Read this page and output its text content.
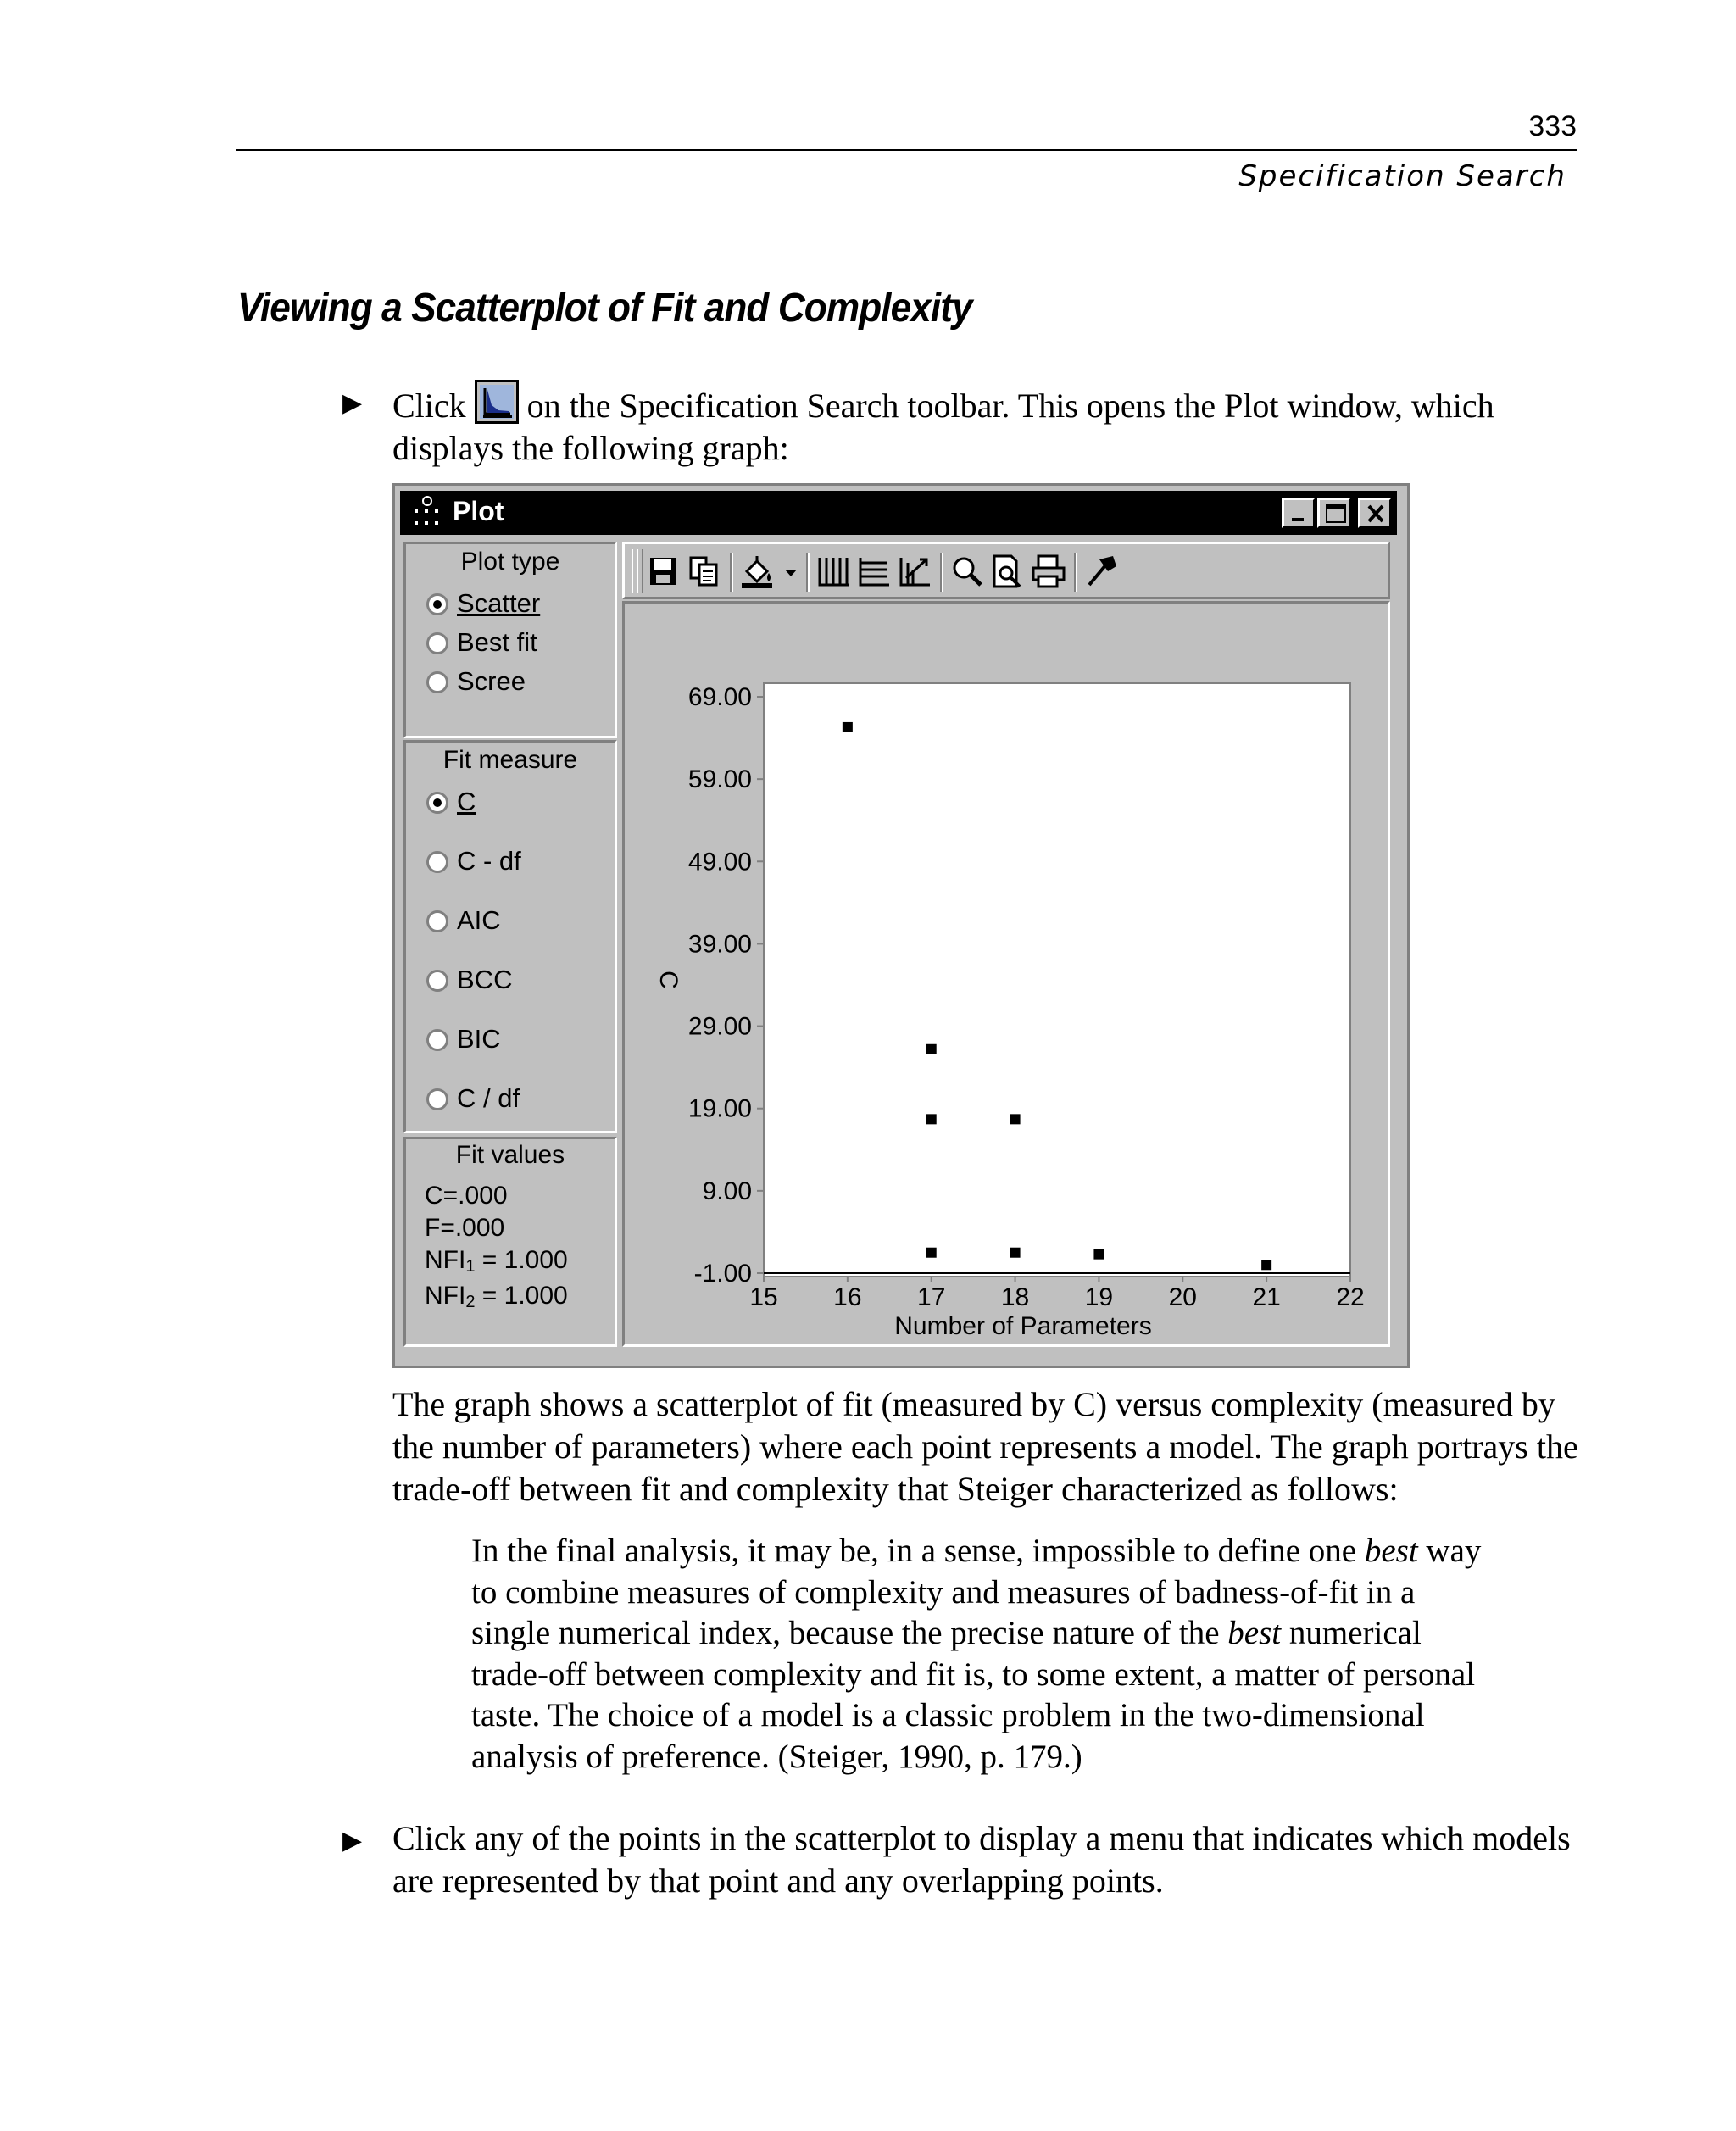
333
Specification Search
Viewing a Scatterplot of Fit and Complexity
▶ Click on the Specification Search toolbar. This opens the Plot window, which displays the following graph:
Plot
Plot type
Scatter
Best fit
Scree
Fit measure
C
C - df
AIC
BCC
BIC
C / df
Fit values
C=.000
F=.000
$NFI_1 = 1.000$
$NFI_2 = 1.000$
69.00
59.00
49.00
39.00
29.00
19.00
9.00
-1.00
15 16 17 18 19 20 21 22
C
Number of Parameters
The graph shows a scatterplot of fit (measured by C) versus complexity (measured by the number of parameters) where each point represents a model. The graph portrays the trade-off between fit and complexity that Steiger characterized as follows:
In the final analysis, it may be, in a sense, impossible to define one best way to combine measures of complexity and measures of badness-of-fit in a single numerical index, because the precise nature of the best numerical trade-off between complexity and fit is, to some extent, a matter of personal taste. The choice of a model is a classic problem in the two-dimensional analysis of preference. (Steiger, 1990, p. 179.)
▶ Click any of the points in the scatterplot to display a menu that indicates which models are represented by that point and any overlapping points.
